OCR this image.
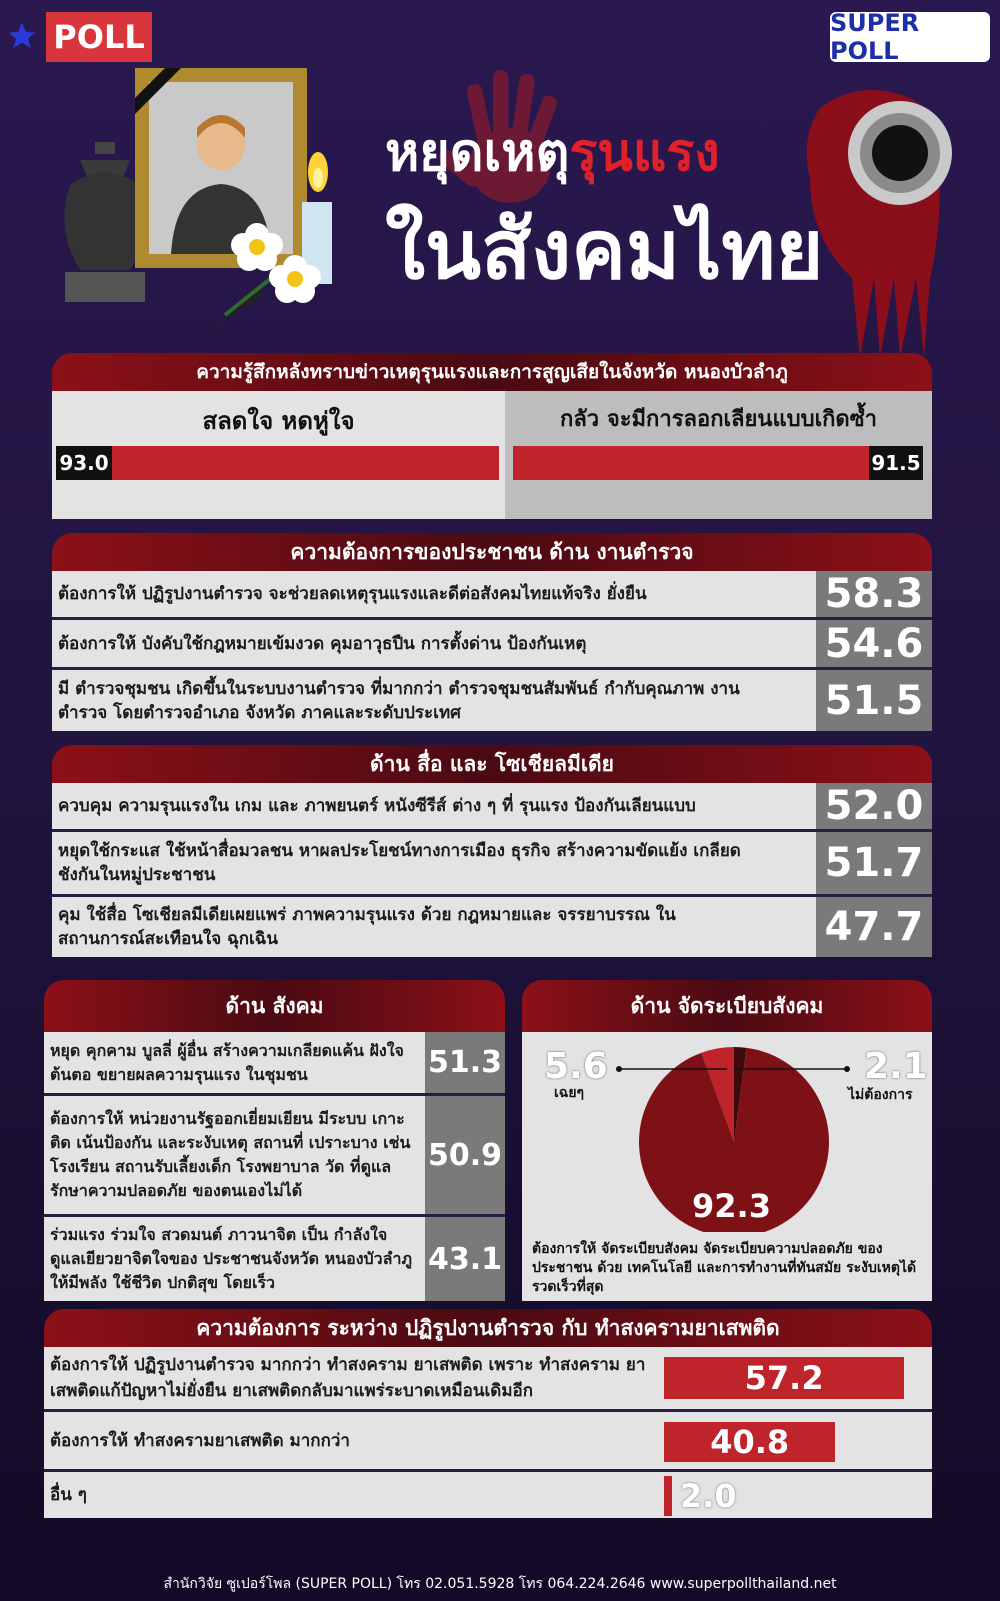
POLL	SUPER POLL
หยุดเหตุรุนแรง
ในสังคมไทย
ความรู้สึกหลังทราบข่าวเหตุรุนแรงและการสูญเสียในจังหวัด หนองบัวลำภู
สลดใจ หดหู่ใจ
93.0
กลัว จะมีการลอกเลียนแบบเกิดซ้ำ
91.5
ความต้องการของประชาชน ด้าน งานตำรวจ
ต้องการให้ ปฏิรูปงานตำรวจ จะช่วยลดเหตุรุนแรงและดีต่อสังคมไทยแท้จริง ยั่งยืน	58.3
ต้องการให้ บังคับใช้กฎหมายเข้มงวด คุมอาวุธปืน การตั้งด่าน ป้องกันเหตุ	54.6
มี ตำรวจชุมชน เกิดขึ้นในระบบงานตำรวจ ที่มากกว่า ตำรวจชุมชนสัมพันธ์ กำกับคุณภาพ งานตำรวจ โดยตำรวจอำเภอ จังหวัด ภาคและระดับประเทศ	51.5
ด้าน สื่อ และ โซเชียลมีเดีย
ควบคุม ความรุนแรงใน เกม และ ภาพยนตร์ หนังซีรีส์ ต่าง ๆ ที่ รุนแรง ป้องกันเลียนแบบ	52.0
หยุดใช้กระแส ใช้หน้าสื่อมวลชน หาผลประโยชน์ทางการเมือง ธุรกิจ สร้างความขัดแย้ง เกลียดชังกันในหมู่ประชาชน	51.7
คุม ใช้สื่อ โซเชียลมีเดียเผยแพร่ ภาพความรุนแรง ด้วย กฎหมายและ จรรยาบรรณ ในสถานการณ์สะเทือนใจ ฉุกเฉิน	47.7
ด้าน สังคม
หยุด คุกคาม บูลลี่ ผู้อื่น สร้างความเกลียดแค้น ฝังใจ ต้นตอ ขยายผลความรุนแรง ในชุมชน	51.3
ต้องการให้ หน่วยงานรัฐออกเยี่ยมเยียน มีระบบ เกาะติด เน้นป้องกัน และระงับเหตุ สถานที่ เปราะบาง เช่น โรงเรียน สถานรับเลี้ยงเด็ก โรงพยาบาล วัด ที่ดูแลรักษาความปลอดภัย ของตนเองไม่ได้
50.9
ร่วมแรง ร่วมใจ สวดมนต์ ภาวนาจิต เป็น กำลังใจ ดูแลเยียวยาจิตใจของ ประชาชนจังหวัด หนองบัวลำภู ให้มีพลัง ใช้ชีวิต ปกติสุข โดยเร็ว
43.1
ด้าน จัดระเบียบสังคม
5.6
เฉยๆ
2.1
ไม่ต้องการ
92.3
ต้องการให้ จัดระเบียบสังคม จัดระเบียบความปลอดภัย ของประชาชน ด้วย เทคโนโลยี และการทำงานที่ทันสมัย ระงับเหตุได้รวดเร็วที่สุด
ความต้องการ ระหว่าง ปฏิรูปงานตำรวจ กับ ทำสงครามยาเสพติด
ต้องการให้ ปฏิรูปงานตำรวจ มากกว่า ทำสงคราม ยาเสพติด เพราะ ทำสงคราม ยาเสพติดแก้ปัญหาไม่ยั่งยืน ยาเสพติดกลับมาแพร่ระบาดเหมือนเดิมอีก	57.2
ต้องการให้ ทำสงครามยาเสพติด มากกว่า	40.8
อื่น ๆ	2.0
สำนักวิจัย ซูเปอร์โพล (SUPER POLL) โทร 02.051.5928 โทร 064.224.2646 www.superpollthailand.net
